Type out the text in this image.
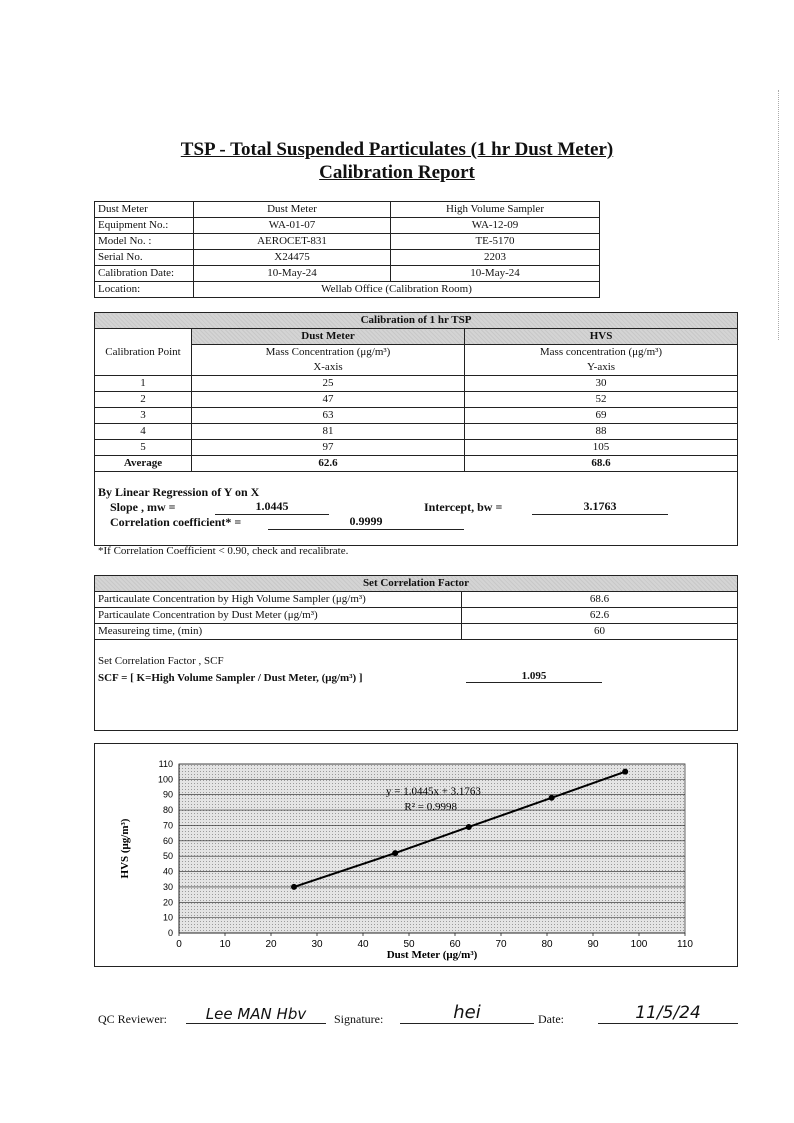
TSP - Total Suspended Particulates (1 hr Dust Meter)
Calibration Report
Dust Meter	Dust Meter	High Volume Sampler
Equipment No.:	WA-01-07	WA-12-09
Model No. :	AEROCET-831	TE-5170
Serial No.	X24475	2203
Calibration Date:	10-May-24	10-May-24
Location:	Wellab Office (Calibration Room)	
Calibration of 1 hr TSP		
Calibration Point	Dust Meter	HVS
	Mass Concentration (μg/m³)	Mass concentration (μg/m³)
	X-axis	Y-axis
1	25	30
2	47	52
3	63	69
4	81	88
5	97	105
Average	62.6	68.6
By Linear Regression of Y on X
Slope , mw =	1.0445	Intercept, bw =	3.1763
Correlation coefficient* =	0.9999
*If Correlation Coefficient < 0.90, check and recalibrate.
Set Correlation Factor	
Particaulate Concentration by High Volume Sampler (μg/m³)	68.6
Particaulate Concentration by Dust Meter (μg/m³)	62.6
Measureing time, (min)	60
Set Correlation Factor , SCF
SCF = [ K=High Volume Sampler / Dust Meter, (μg/m³) ]	1.095
0
10
20
30
40
50
60
70
80
90
100
110
0	10	20	30	40	50	60	70	80	90	100	110
y = 1.0445x + 3.1763
R² = 0.9998
Dust Meter (μg/m³)
HVS (μg/m³)
QC Reviewer:	Lee MAN Hbv	Signature:	hei	Date:	11/5/24
